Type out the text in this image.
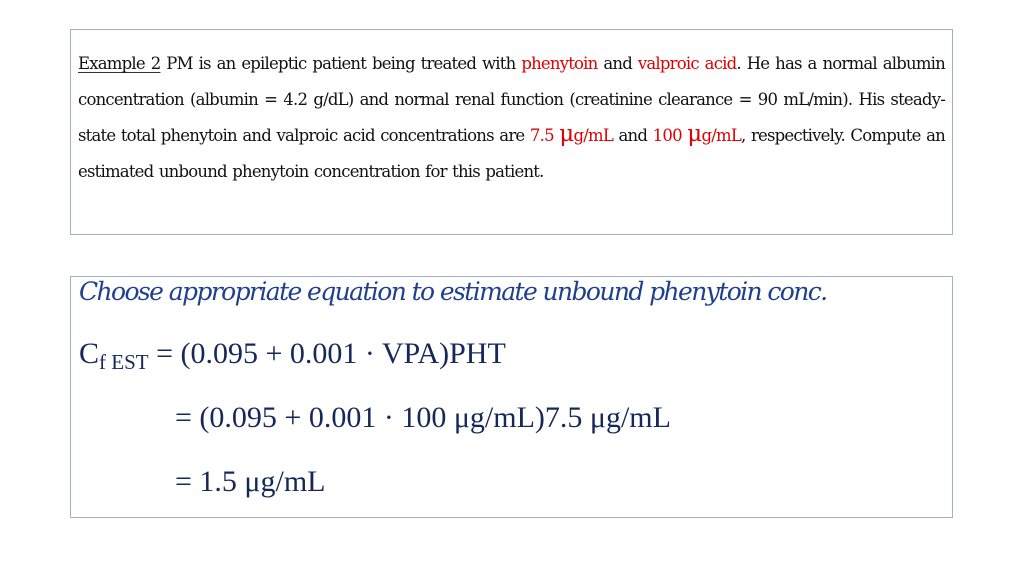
Example 2 PM is an epileptic patient being treated with phenytoin and valproic acid. He has a normal albumin concentration (albumin = 4.2 g/dL) and normal renal function (creatinine clearance = 90 mL/min). His steady-state total phenytoin and valproic acid concentrations are 7.5 μg/mL and 100 μg/mL, respectively. Compute an estimated unbound phenytoin concentration for this patient.

Choose appropriate equation to estimate unbound phenytoin conc.

$C_{f EST} = (0.095 + 0.001 \cdot VPA)PHT$

= (0.095 + 0.001 · 100 μg/mL)7.5 μg/mL

= 1.5 μg/mL
